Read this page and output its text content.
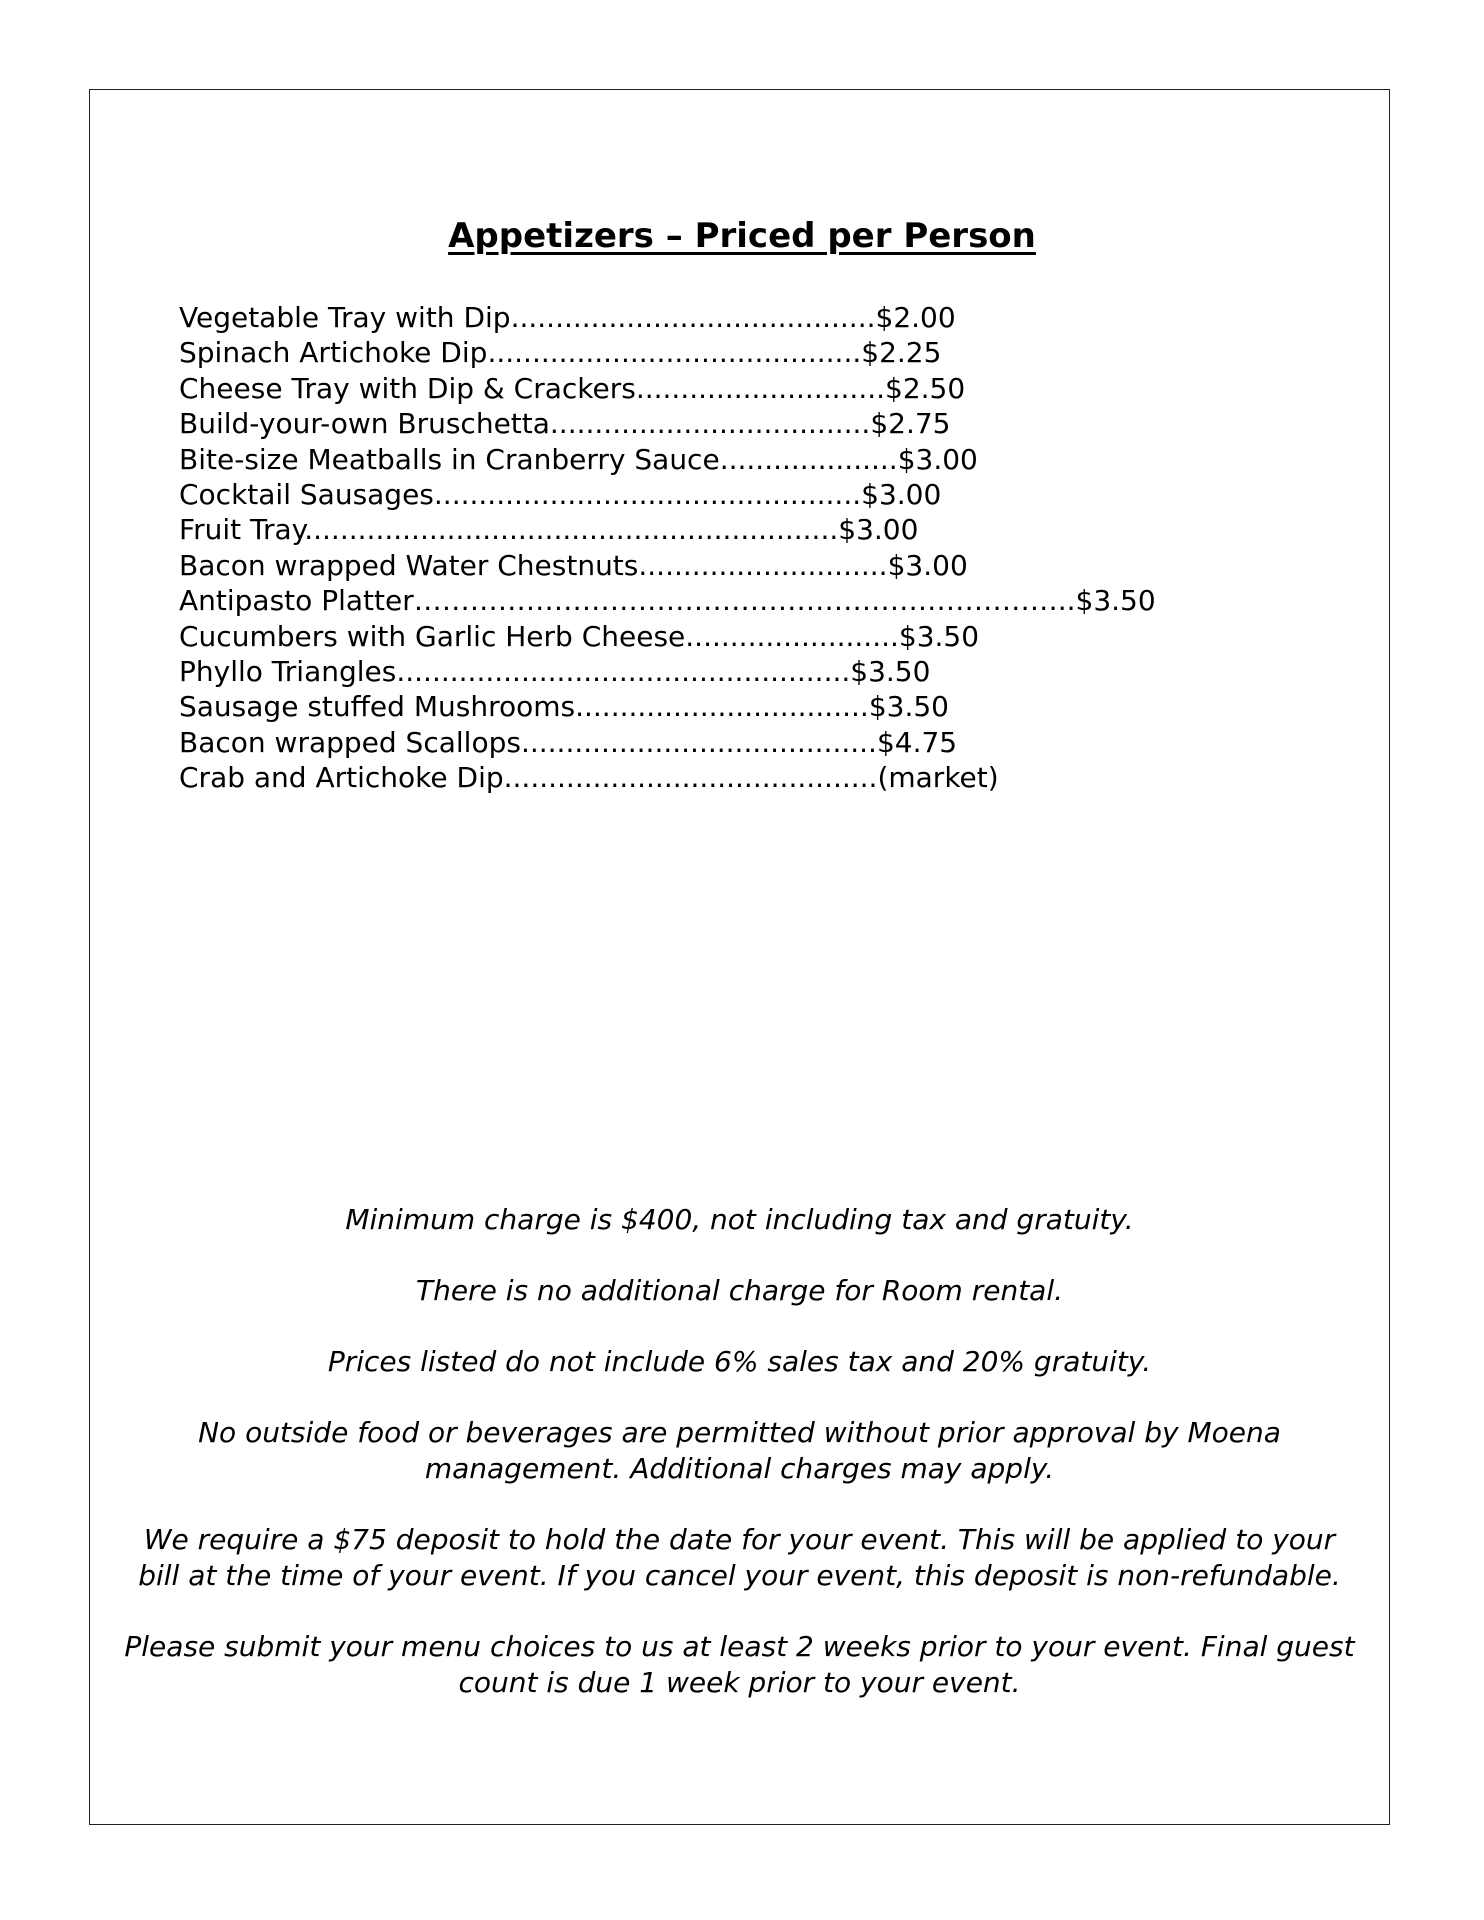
Appetizers – Priced per Person
Vegetable Tray with Dip.........................................$2.00
Spinach Artichoke Dip..........................................$2.25
Cheese Tray with Dip & Crackers............................$2.50
Build-your-own Bruschetta....................................$2.75
Bite-size Meatballs in Cranberry Sauce....................$3.00
Cocktail Sausages................................................$3.00
Fruit Tray............................................................$3.00
Bacon wrapped Water Chestnuts............................$3.00
Antipasto Platter……………………………………………………………..$3.50
Cucumbers with Garlic Herb Cheese........................$3.50
Phyllo Triangles...................................................$3.50
Sausage stuffed Mushrooms.................................$3.50
Bacon wrapped Scallops........................................$4.75
Crab and Artichoke Dip..........................................(market)
Minimum charge is $400, not including tax and gratuity.
There is no additional charge for Room rental.
Prices listed do not include 6% sales tax and 20% gratuity.
No outside food or beverages are permitted without prior approval by Moena
management. Additional charges may apply.
We require a $75 deposit to hold the date for your event. This will be applied to your
bill at the time of your event. If you cancel your event, this deposit is non-refundable.
Please submit your menu choices to us at least 2 weeks prior to your event. Final guest
count is due 1 week prior to your event.
